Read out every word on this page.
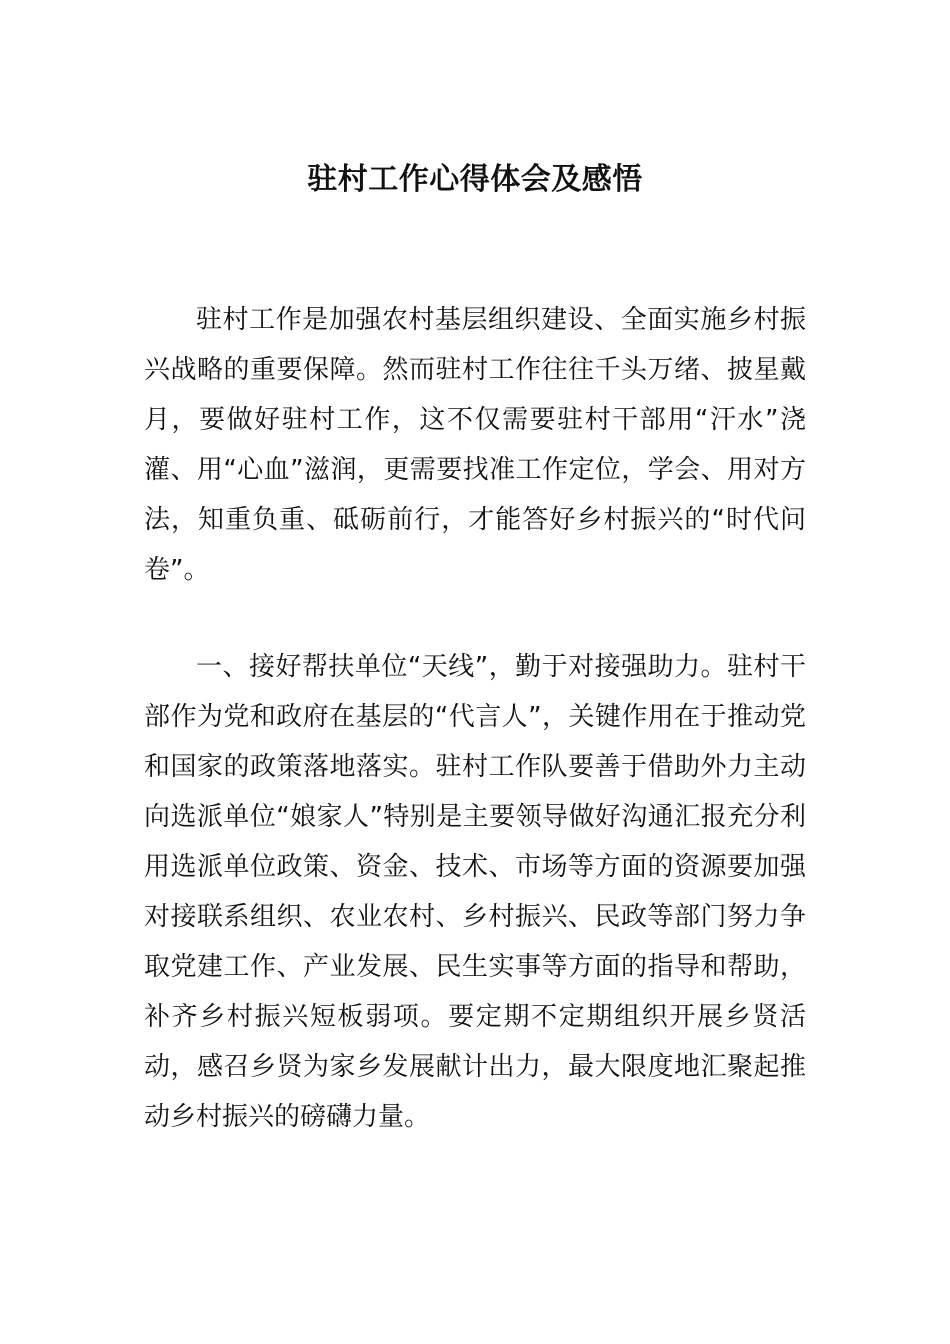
驻村工作心得体会及感悟

驻村工作是加强农村基层组织建设、全面实施乡村振兴战略的重要保障。然而驻村工作往往千头万绪、披星戴月，要做好驻村工作，这不仅需要驻村干部用“汗水”浇灌、用“心血”滋润，更需要找准工作定位，学会、用对方法，知重负重、砥砺前行，才能答好乡村振兴的“时代问卷”。

一、接好帮扶单位“天线”，勤于对接强助力。驻村干部作为党和政府在基层的“代言人”，关键作用在于推动党和国家的政策落地落实。驻村工作队要善于借助外力主动向选派单位“娘家人”特别是主要领导做好沟通汇报充分利用选派单位政策、资金、技术、市场等方面的资源要加强对接联系组织、农业农村、乡村振兴、民政等部门努力争取党建工作、产业发展、民生实事等方面的指导和帮助，补齐乡村振兴短板弱项。要定期不定期组织开展乡贤活动，感召乡贤为家乡发展献计出力，最大限度地汇聚起推动乡村振兴的磅礴力量。
